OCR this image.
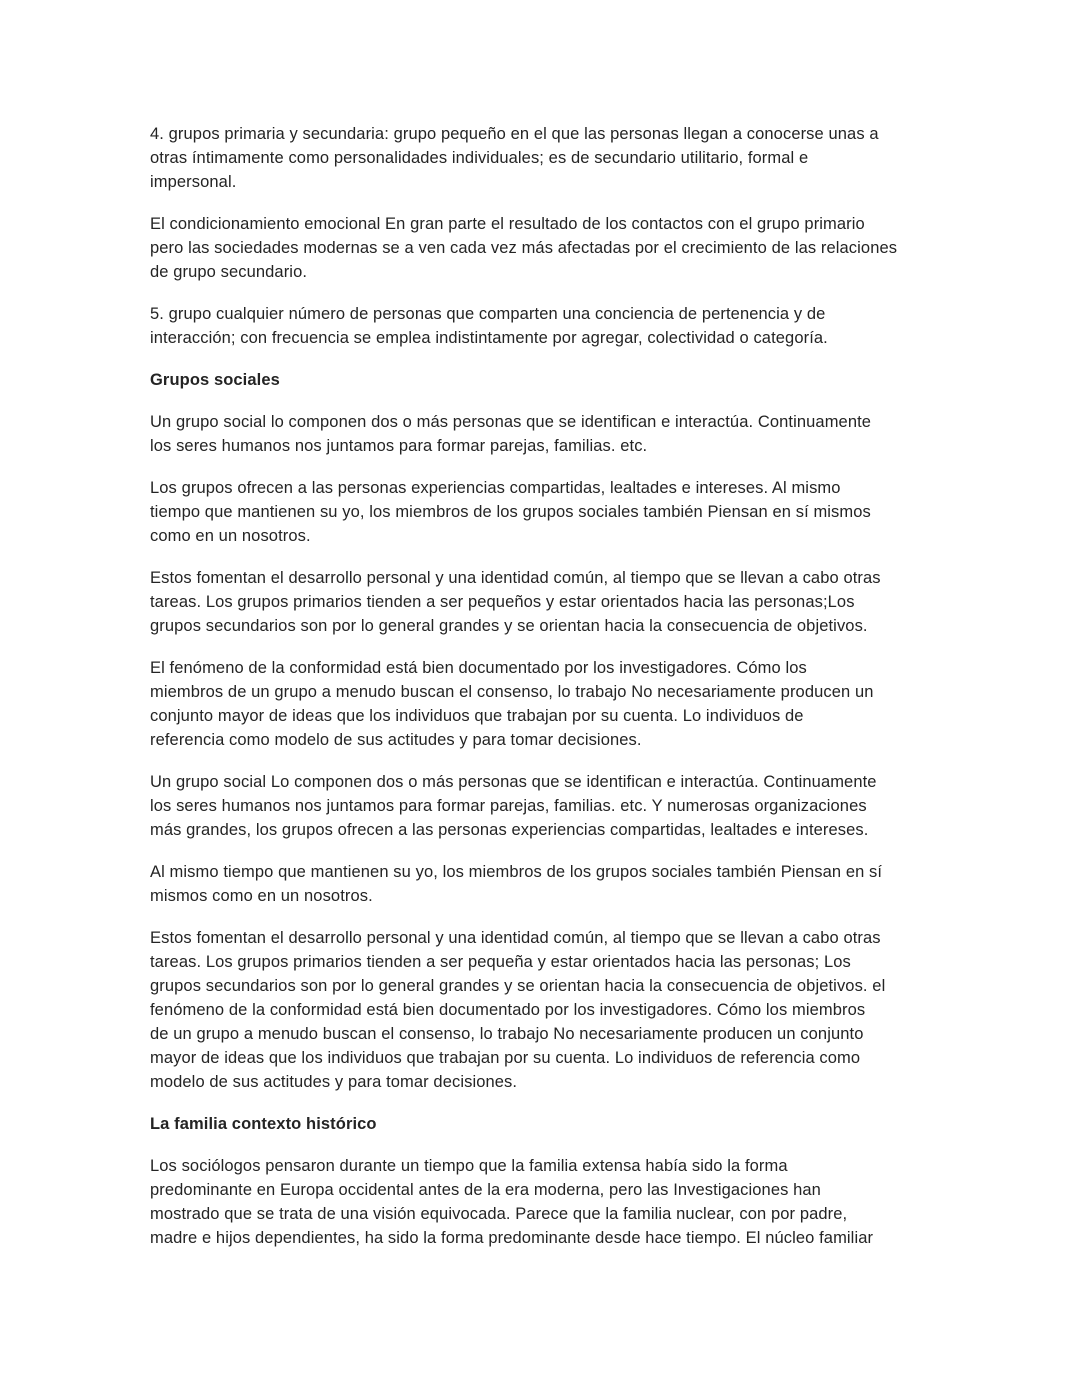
4. grupos primaria y secundaria: grupo pequeño en el que las personas llegan a conocerse unas a
otras íntimamente como personalidades individuales; es de secundario utilitario, formal e
impersonal.

El condicionamiento emocional En gran parte el resultado de los contactos con el grupo primario
pero las sociedades modernas se a ven cada vez más afectadas por el crecimiento de las relaciones
de grupo secundario.

5. grupo cualquier número de personas que comparten una conciencia de pertenencia y de
interacción; con frecuencia se emplea indistintamente por agregar, colectividad o categoría.

Grupos sociales

Un grupo social lo componen dos o más personas que se identifican e interactúa. Continuamente
los seres humanos nos juntamos para formar parejas, familias. etc.

Los grupos ofrecen a las personas experiencias compartidas, lealtades e intereses. Al mismo
tiempo que mantienen su yo, los miembros de los grupos sociales también Piensan en sí mismos
como en un nosotros.

Estos fomentan el desarrollo personal y una identidad común, al tiempo que se llevan a cabo otras
tareas. Los grupos primarios tienden a ser pequeños y estar orientados hacia las personas;Los
grupos secundarios son por lo general grandes y se orientan hacia la consecuencia de objetivos.

El fenómeno de la conformidad está bien documentado por los investigadores. Cómo los
miembros de un grupo a menudo buscan el consenso, lo trabajo No necesariamente producen un
conjunto mayor de ideas que los individuos que trabajan por su cuenta. Lo individuos de
referencia como modelo de sus actitudes y para tomar decisiones.

Un grupo social Lo componen dos o más personas que se identifican e interactúa. Continuamente
los seres humanos nos juntamos para formar parejas, familias. etc. Y numerosas organizaciones
más grandes, los grupos ofrecen a las personas experiencias compartidas, lealtades e intereses.

Al mismo tiempo que mantienen su yo, los miembros de los grupos sociales también Piensan en sí
mismos como en un nosotros.

Estos fomentan el desarrollo personal y una identidad común, al tiempo que se llevan a cabo otras
tareas. Los grupos primarios tienden a ser pequeña y estar orientados hacia las personas; Los
grupos secundarios son por lo general grandes y se orientan hacia la consecuencia de objetivos. el
fenómeno de la conformidad está bien documentado por los investigadores. Cómo los miembros
de un grupo a menudo buscan el consenso, lo trabajo No necesariamente producen un conjunto
mayor de ideas que los individuos que trabajan por su cuenta. Lo individuos de referencia como
modelo de sus actitudes y para tomar decisiones.

La familia contexto histórico

Los sociólogos pensaron durante un tiempo que la familia extensa había sido la forma
predominante en Europa occidental antes de la era moderna, pero las Investigaciones han
mostrado que se trata de una visión equivocada. Parece que la familia nuclear, con por padre,
madre e hijos dependientes, ha sido la forma predominante desde hace tiempo. El núcleo familiar
